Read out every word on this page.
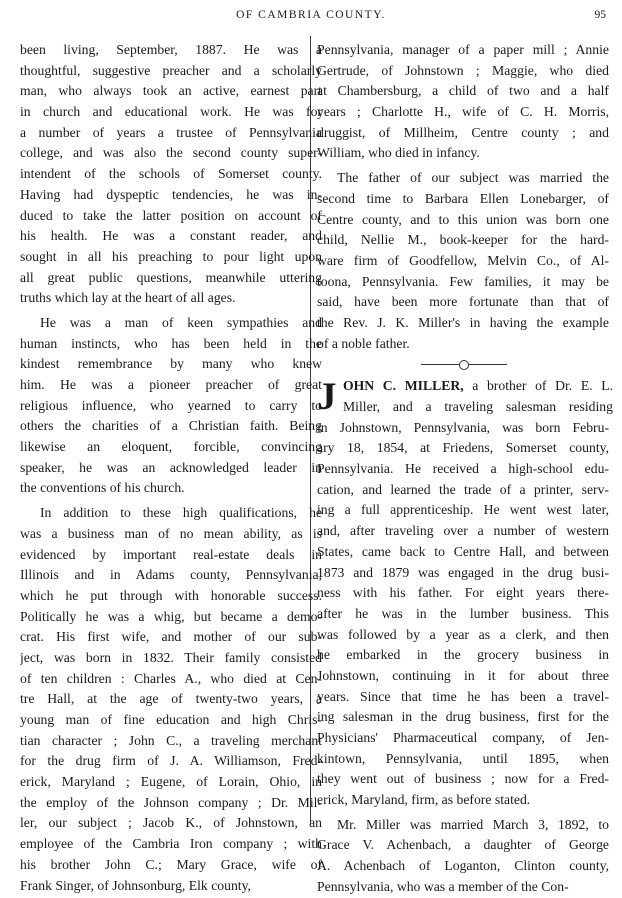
OF CAMBRIA COUNTY.	95
been living, September, 1887. He was a
thoughtful, suggestive preacher and a scholarly
man, who always took an active, earnest part
in church and educational work. He was for
a number of years a trustee of Pennsylvania
college, and was also the second county super-
intendent of the schools of Somerset county.
Having had dyspeptic tendencies, he was in-
duced to take the latter position on account of
his health. He was a constant reader, and
sought in all his preaching to pour light upon
all great public questions, meanwhile uttering
truths which lay at the heart of all ages.
He was a man of keen sympathies and
human instincts, who has been held in the
kindest remembrance by many who knew
him. He was a pioneer preacher of great
religious influence, who yearned to carry to
others the charities of a Christian faith. Being
likewise an eloquent, forcible, convincing
speaker, he was an acknowledged leader in
the conventions of his church.
In addition to these high qualifications, he
was a business man of no mean ability, as is
evidenced by important real-estate deals in
Illinois and in Adams county, Pennsylvania,
which he put through with honorable success.
Politically he was a whig, but became a demo-
crat. His first wife, and mother of our sub-
ject, was born in 1832. Their family consisted
of ten children : Charles A., who died at Cen-
tre Hall, at the age of twenty-two years, a
young man of fine education and high Chris-
tian character ; John C., a traveling merchant
for the drug firm of J. A. Williamson, Fred-
erick, Maryland ; Eugene, of Lorain, Ohio, in
the employ of the Johnson company ; Dr. Mil-
ler, our subject ; Jacob K., of Johnstown, an
employee of the Cambria Iron company ; with
his brother John C.; Mary Grace, wife of
Frank Singer, of Johnsonburg, Elk county,
Pennsylvania, manager of a paper mill ; Annie
Gertrude, of Johnstown ; Maggie, who died
at Chambersburg, a child of two and a half
years ; Charlotte H., wife of C. H. Morris,
druggist, of Millheim, Centre county ; and
William, who died in infancy.
The father of our subject was married the
second time to Barbara Ellen Lonebarger, of
Centre county, and to this union was born one
child, Nellie M., book-keeper for the hard-
ware firm of Goodfellow, Melvin Co., of Al-
toona, Pennsylvania. Few families, it may be
said, have been more fortunate than that of
the Rev. J. K. Miller's in having the example
of a noble father.
J OHN C. MILLER, a brother of Dr. E. L.
Miller, and a traveling salesman residing
in Johnstown, Pennsylvania, was born Febru-
ary 18, 1854, at Friedens, Somerset county,
Pennsylvania. He received a high-school edu-
cation, and learned the trade of a printer, serv-
ing a full apprenticeship. He went west later,
and, after traveling over a number of western
States, came back to Centre Hall, and between
1873 and 1879 was engaged in the drug busi-
ness with his father. For eight years there-
after he was in the lumber business. This
was followed by a year as a clerk, and then
he embarked in the grocery business in
Johnstown, continuing in it for about three
years. Since that time he has been a travel-
ing salesman in the drug business, first for the
Physicians' Pharmaceutical company, of Jen-
kintown, Pennsylvania, until 1895, when
they went out of business ; now for a Fred-
erick, Maryland, firm, as before stated.
Mr. Miller was married March 3, 1892, to
Grace V. Achenbach, a daughter of George
A. Achenbach of Loganton, Clinton county,
Pennsylvania, who was a member of the Con-
